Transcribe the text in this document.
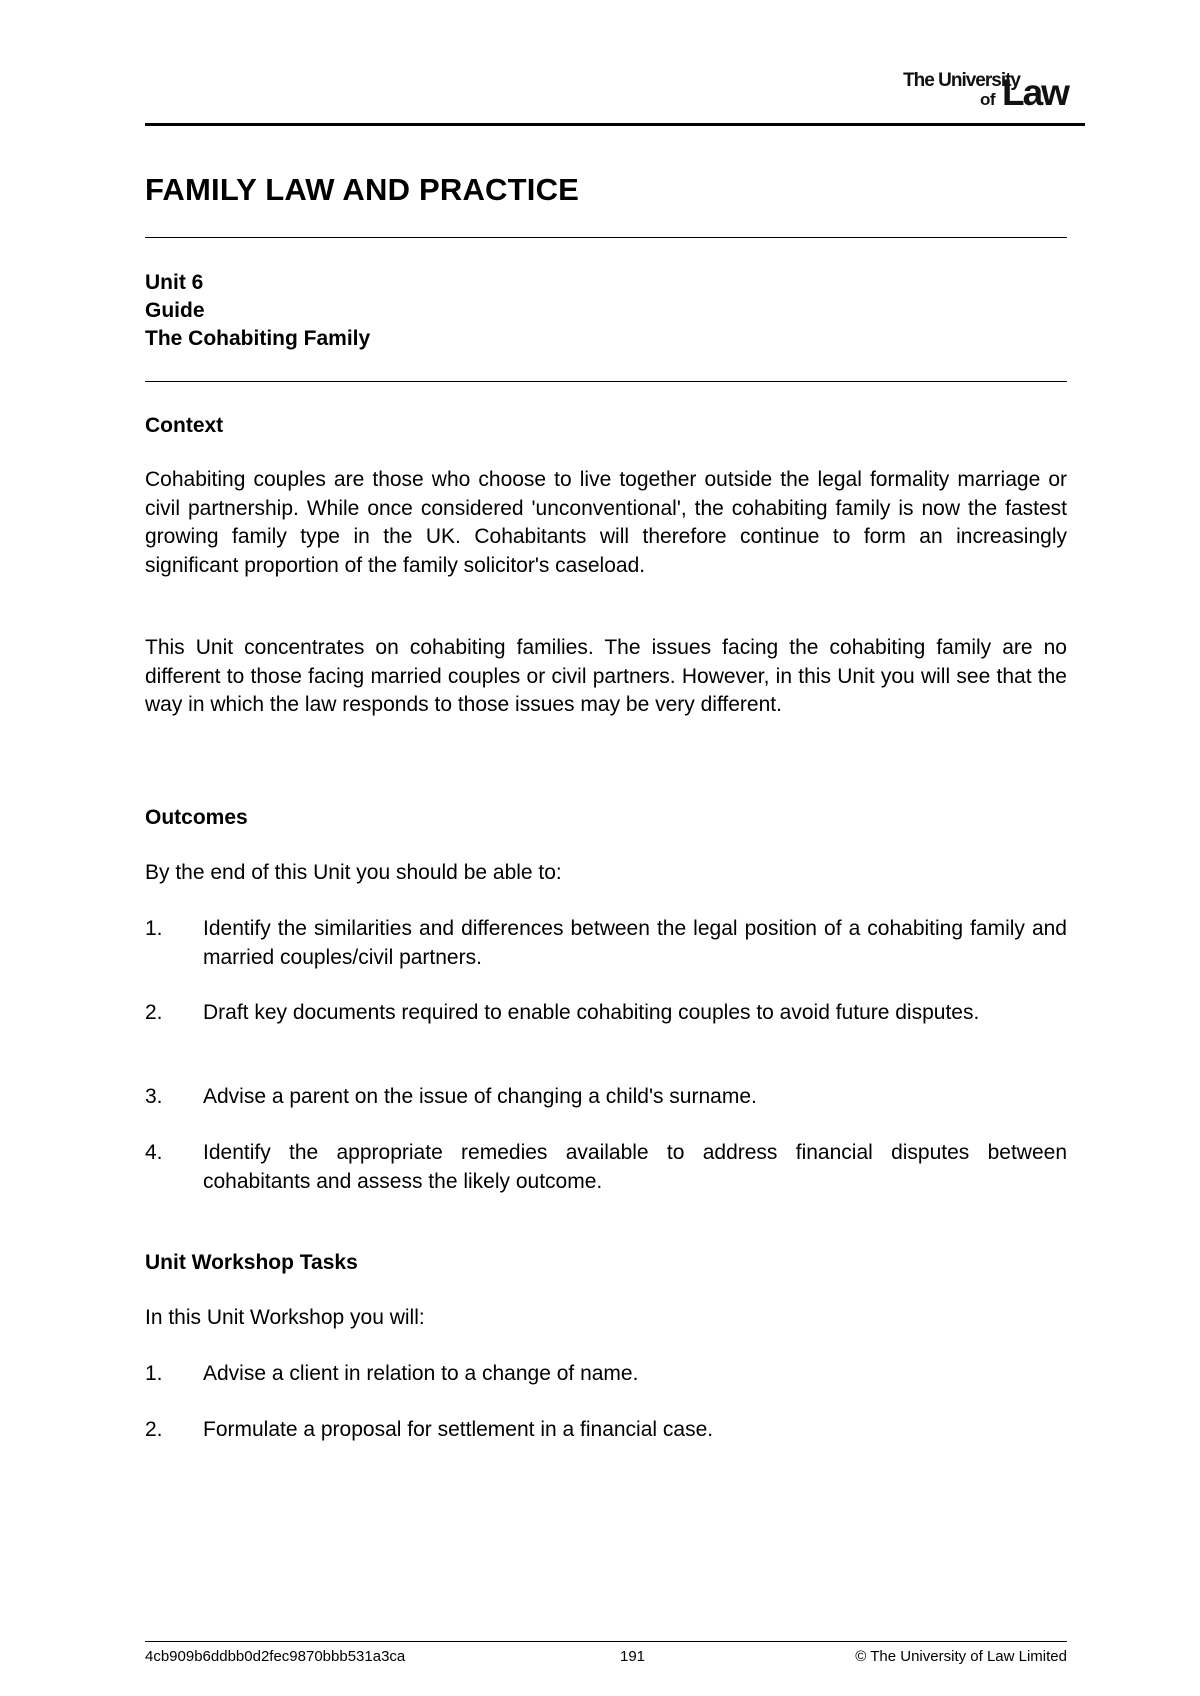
The University
of Law
FAMILY LAW AND PRACTICE
Unit 6
Guide
The Cohabiting Family
Context

Cohabiting couples are those who choose to live together outside the legal formality marriage or civil partnership. While once considered 'unconventional', the cohabiting family is now the fastest growing family type in the UK. Cohabitants will therefore continue to form an increasingly significant proportion of the family solicitor's caseload.

This Unit concentrates on cohabiting families. The issues facing the cohabiting family are no different to those facing married couples or civil partners. However, in this Unit you will see that the way in which the law responds to those issues may be very different.

Outcomes

By the end of this Unit you should be able to:

1. Identify the similarities and differences between the legal position of a cohabiting family and married couples/civil partners.
2. Draft key documents required to enable cohabiting couples to avoid future disputes.
3. Advise a parent on the issue of changing a child's surname.
4. Identify the appropriate remedies available to address financial disputes between cohabitants and assess the likely outcome.
Unit Workshop Tasks

In this Unit Workshop you will:

1. Advise a client in relation to a change of name.
2. Formulate a proposal for settlement in a financial case.
4cb909b6ddbb0d2fec9870bbb531a3ca	191	© The University of Law Limited
